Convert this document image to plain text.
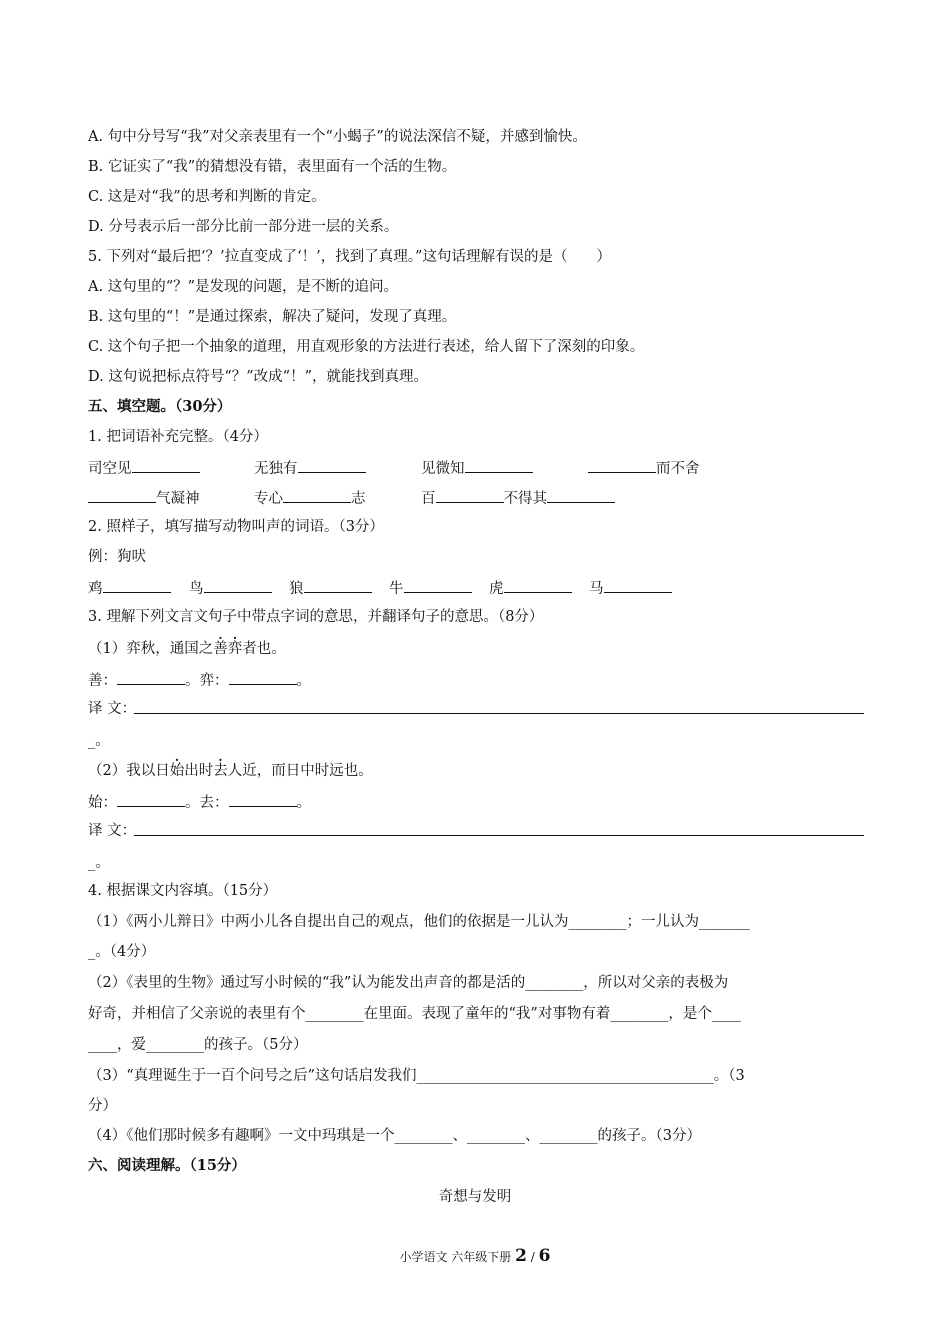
A. 句中分号写“我”对父亲表里有一个“小蝎子”的说法深信不疑，并感到愉快。
B. 它证实了“我”的猜想没有错，表里面有一个活的生物。
C. 这是对“我”的思考和判断的肯定。
D. 分号表示后一部分比前一部分进一层的关系。
5. 下列对“最后把‘？’拉直变成了‘！’，找到了真理。”这句话理解有误的是（　　）
A. 这句里的“？”是发现的问题，是不断的追问。
B. 这句里的“！”是通过探索，解决了疑问，发现了真理。
C. 这个句子把一个抽象的道理，用直观形象的方法进行表述，给人留下了深刻的印象。
D. 这句说把标点符号“？”改成“！”，就能找到真理。
五、填空题。（30分）
1. 把词语补充完整。（4分）
司空见	无独有	见微知	而不舍
气凝神	专心	志	百	不得其
2. 照样子，填写描写动物叫声的词语。（3分）
例：狗吠
鸡	鸟	狼	牛	虎	马
3. 理解下列文言文句子中带点字词的意思，并翻译句子的意思。（8分）
（1）弈秋，通国之善弈者也。
善：	。弈：	。
译 文：
_。
（2）我以日始出时去人近，而日中时远也。
始：	。去：	。
译 文：
_。
4. 根据课文内容填。（15分）
（1）《两小儿辩日》中两小儿各自提出自己的观点，他们的依据是一儿认为________；一儿认为_______
_。（4分）
（2）《表里的生物》通过写小时候的“我”认为能发出声音的都是活的________，所以对父亲的表极为
好奇，并相信了父亲说的表里有个________在里面。表现了童年的“我”对事物有着________，是个____
____，爱________的孩子。（5分）
（3）“真理诞生于一百个问号之后”这句话启发我们_________________________________________。（3
分）
（4）《他们那时候多有趣啊》一文中玛琪是一个________、________、________的孩子。（3分）
六、阅读理解。（15分）
奇想与发明
小学语文 六年级下册 2 / 6
